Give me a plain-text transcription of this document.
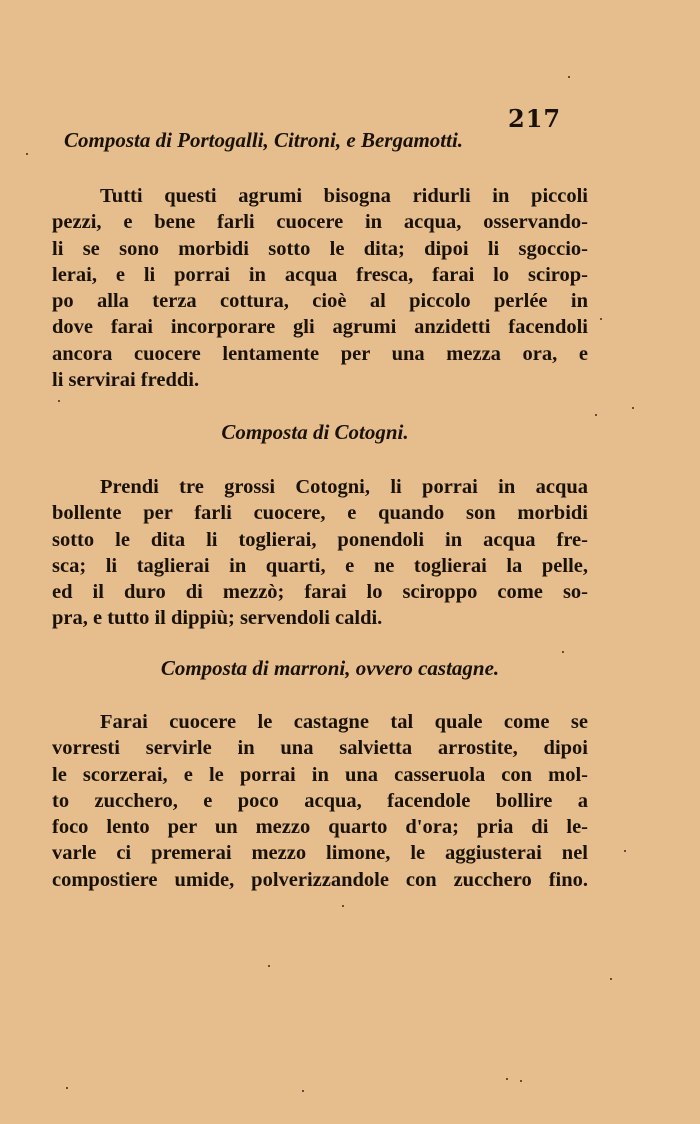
217
Composta di Portogalli, Citroni, e Bergamotti.
Tutti questi agrumi bisogna ridurli in piccoli
pezzi, e bene farli cuocere in acqua, osservando-
li se sono morbidi sotto le dita; dipoi li sgoccio-
lerai, e li porrai in acqua fresca, farai lo scirop-
po alla terza cottura, cioè al piccolo perlée in
dove farai incorporare gli agrumi anzidetti facendoli
ancora cuocere lentamente per una mezza ora, e
li servirai freddi.
Composta di Cotogni.
Prendi tre grossi Cotogni, li porrai in acqua
bollente per farli cuocere, e quando son morbidi
sotto le dita li toglierai, ponendoli in acqua fre-
sca; li taglierai in quarti, e ne toglierai la pelle,
ed il duro di mezzò; farai lo sciroppo come so-
pra, e tutto il dippiù; servendoli caldi.
Composta di marroni, ovvero castagne.
Farai cuocere le castagne tal quale come se
vorresti servirle in una salvietta arrostite, dipoi
le scorzerai, e le porrai in una casseruola con mol-
to zucchero, e poco acqua, facendole bollire a
foco lento per un mezzo quarto d'ora; pria di le-
varle ci premerai mezzo limone, le aggiusterai nel
compostiere umide, polverizzandole con zucchero fino.
